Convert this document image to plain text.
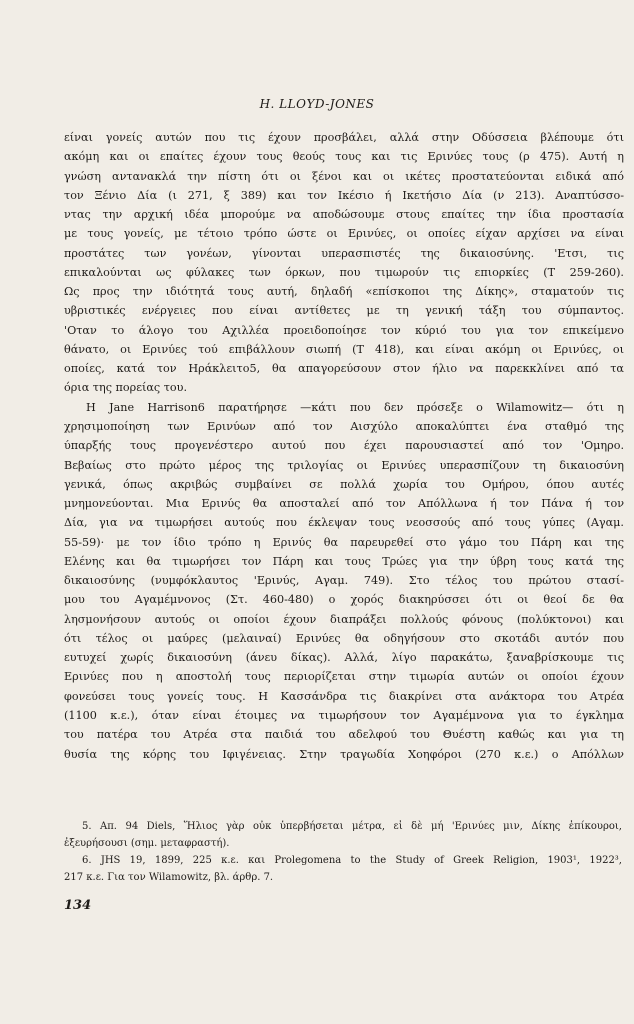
H. LLOYD-JONES
είναι γονείς αυτών που τις έχουν προσβάλει, αλλά στην Οδύσσεια βλέπουμε ότι
ακόμη και οι επαίτες έχουν τους θεούς τους και τις Ερινύες τους (ρ 475). Αυτή η
γνώση αντανακλά την πίστη ότι οι ξένοι και οι ικέτες προστατεύονται ειδικά από
τον Ξένιο Δία (ι 271, ξ 389) και τον Ικέσιο ή Ικετήσιο Δία (ν 213). Αναπτύσσο-
ντας την αρχική ιδέα μπορούμε να αποδώσουμε στους επαίτες την ίδια προστασία
με τους γονείς, με τέτοιο τρόπο ώστε οι Ερινύες, οι οποίες είχαν αρχίσει να είναι
προστάτες των γονέων, γίνονται υπερασπιστές της δικαιοσύνης. 'Ετσι, τις
επικαλούνται ως φύλακες των όρκων, που τιμωρούν τις επιορκίες (Τ 259-260).
Ως προς την ιδιότητά τους αυτή, δηλαδή «επίσκοποι της Δίκης», σταματούν τις
υβριστικές ενέργειες που είναι αντίθετες με τη γενική τάξη του σύμπαντος.
'Οταν το άλογο του Αχιλλέα προειδοποίησε τον κύριό του για τον επικείμενο
θάνατο, οι Ερινύες τού επιβάλλουν σιωπή (Τ 418), και είναι ακόμη οι Ερινύες, οι
οποίες, κατά τον Ηράκλειτο5, θα απαγορεύσουν στον ήλιο να παρεκκλίνει από τα
όρια της πορείας του.
Η Jane Harrison6 παρατήρησε —κάτι που δεν πρόσεξε ο Wilamowitz— ότι η
χρησιμοποίηση των Ερινύων από τον Αισχύλο αποκαλύπτει ένα σταθμό της
ύπαρξής τους προγενέστερο αυτού που έχει παρουσιαστεί από τον 'Ομηρο.
Βεβαίως στο πρώτο μέρος της τριλογίας οι Ερινύες υπερασπίζουν τη δικαιοσύνη
γενικά, όπως ακριβώς συμβαίνει σε πολλά χωρία του Ομήρου, όπου αυτές
μνημονεύονται. Μια Ερινύς θα αποσταλεί από τον Απόλλωνα ή τον Πάνα ή τον
Δία, για να τιμωρήσει αυτούς που έκλεψαν τους νεοσσούς από τους γύπες (Αγαμ.
55-59)· με τον ίδιο τρόπο η Ερινύς θα παρευρεθεί στο γάμο του Πάρη και της
Ελένης και θα τιμωρήσει τον Πάρη και τους Τρώες για την ύβρη τους κατά της
δικαιοσύνης (νυμφόκλαυτος 'Ερινύς, Αγαμ. 749). Στο τέλος του πρώτου στασί-
μου του Αγαμέμνονος (Στ. 460-480) ο χορός διακηρύσσει ότι οι θεοί δε θα
λησμονήσουν αυτούς οι οποίοι έχουν διαπράξει πολλούς φόνους (πολύκτονοι) και
ότι τέλος οι μαύρες (μελαιναί) Ερινύες θα οδηγήσουν στο σκοτάδι αυτόν που
ευτυχεί χωρίς δικαιοσύνη (άνευ δίκας). Αλλά, λίγο παρακάτω, ξαναβρίσκουμε τις
Ερινύες που η αποστολή τους περιορίζεται στην τιμωρία αυτών οι οποίοι έχουν
φονεύσει τους γονείς τους. Η Κασσάνδρα τις διακρίνει στα ανάκτορα του Ατρέα
(1100 κ.ε.), όταν είναι έτοιμες να τιμωρήσουν τον Αγαμέμνονα για το έγκλημα
του πατέρα του Ατρέα στα παιδιά του αδελφού του Θυέστη καθώς και για τη
θυσία της κόρης του Ιφιγένειας. Στην τραγωδία Χοηφόροι (270 κ.ε.) ο Απόλλων
5. Απ. 94 Diels, Ἥλιος γὰρ οὐκ ὑπερβήσεται μέτρα, εἰ δὲ μή 'Ερινύες μιν, Δίκης ἐπίκουροι,
ἐξευρήσουσι (σημ. μεταφραστή).
6. JHS 19, 1899, 225 κ.ε. και Prolegomena to the Study of Greek Religion, 1903¹, 1922³,
217 κ.ε. Για τον Wilamowitz, βλ. άρθρ. 7.
134
